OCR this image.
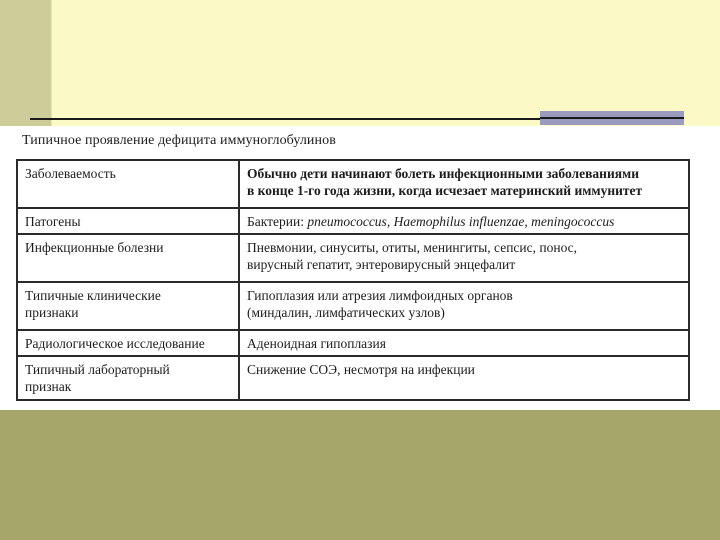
Типичное проявление дефицита иммуноглобулинов
Заболеваемость	Обычно дети начинают болеть инфекционными заболеваниями
в конце 1-го года жизни, когда исчезает материнский иммунитет

Патогены	Бактерии: pneumococcus, Haemophilus influenzae, meningococcus

Инфекционные болезни	Пневмонии, синуситы, отиты, менингиты, сепсис, понос,
вирусный гепатит, энтеровирусный энцефалит

Типичные клинические
признаки	Гипоплазия или атрезия лимфоидных органов
(миндалин, лимфатических узлов)

Радиологическое исследование	Аденоидная гипоплазия

Типичный лабораторный
признак	Снижение СОЭ, несмотря на инфекции
